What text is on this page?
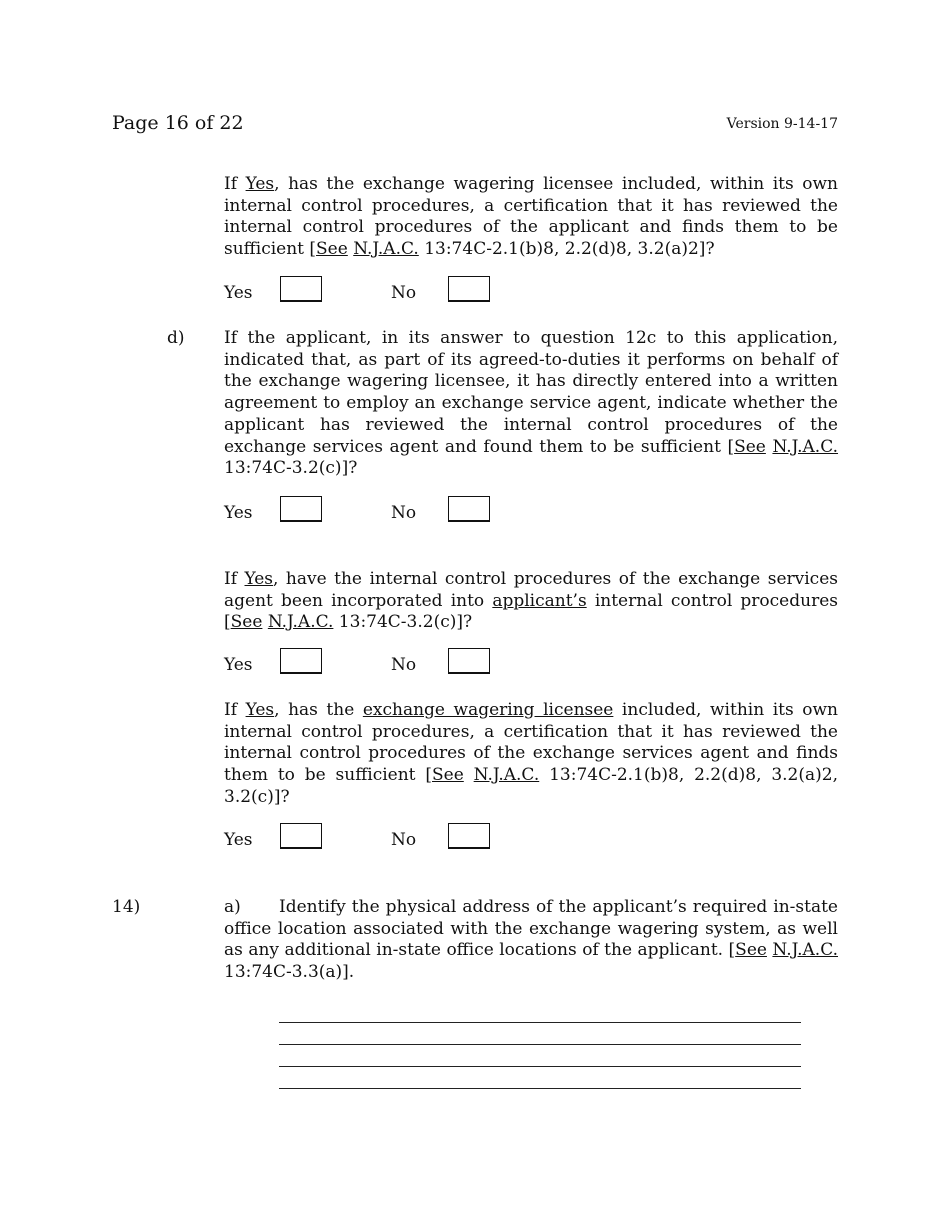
Page 16 of 22	Version 9-14-17
If Yes, has the exchange wagering licensee included, within its own internal control procedures, a certification that it has reviewed the internal control procedures of the applicant and finds them to be sufficient [See N.J.A.C. 13:74C-2.1(b)8, 2.2(d)8, 3.2(a)2]?
Yes	No
d) If the applicant, in its answer to question 12c to this application, indicated that, as part of its agreed-to-duties it performs on behalf of the exchange wagering licensee, it has directly entered into a written agreement to employ an exchange service agent, indicate whether the applicant has reviewed the internal control procedures of the exchange services agent and found them to be sufficient [See N.J.A.C. 13:74C-3.2(c)]?
Yes	No
If Yes, have the internal control procedures of the exchange services agent been incorporated into applicant’s internal control procedures [See N.J.A.C. 13:74C-3.2(c)]?
Yes	No
If Yes, has the exchange wagering licensee included, within its own internal control procedures, a certification that it has reviewed the internal control procedures of the exchange services agent and finds them to be sufficient [See N.J.A.C. 13:74C-2.1(b)8, 2.2(d)8, 3.2(a)2, 3.2(c)]?
Yes	No
14)	a) Identify the physical address of the applicant’s required in-state office location associated with the exchange wagering system, as well as any additional in-state office locations of the applicant. [See N.J.A.C. 13:74C-3.3(a)].
